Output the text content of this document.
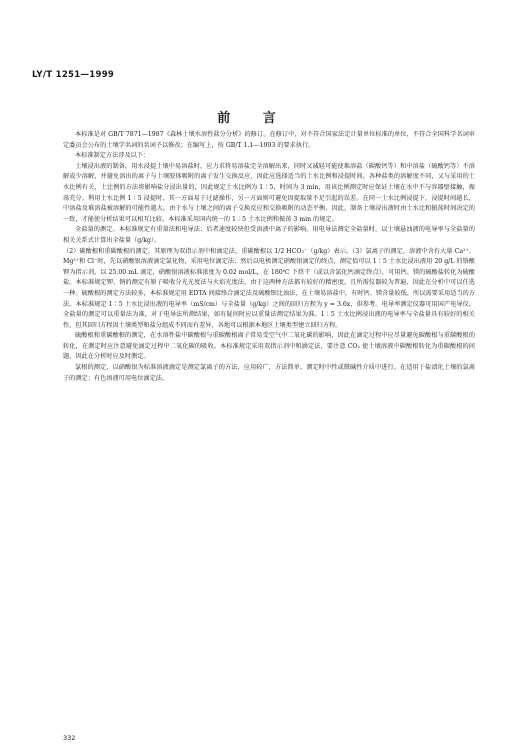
LY/T 1251—1999
前 言

本标准是对 GB/T 7871—1987《森林土壤水溶性盐分分析》的修订。在修订中，对不符合国家法定计量单位标准的单位，不符合全国科学名词审定委员会公布的土壤学名词的名词予以修改；在编写上，按 GB/T 1.1—1993 的要求执行。

本标准制定方法涉及以下：

土壤浸出液的制备。用水浸提土壤中易溶盐时，应力求将易溶盐完全溶解出来，同时又减轻可能使难溶盐（碳酸钙等）和中溶盐（硫酸钙等）不溶解或少溶解，并避免溶出的离子与土壤胶体吸附的离子发生交换反应，因此应选择适当的土水比例和浸提时间。各种盐类的溶解度不同，又与采用的土水比例有关，土比例的方法将影响盐分浸出量的，因此规定土水比例为 1∶5，时间为 3 min，用该比例测定时应保证土壤在水中不与容器壁接触，振荡充分。利用土水比例 1∶5 浸提时，其一方面易于过滤操作，另一方面则可避免因提取量不足引起的误差。在同一土水比例浸提下，浸提时间越长，中溶盐及难溶盐被溶解的可能性越大。由于水与土壤之间的离子交换反应和交换吸附的动态平衡，因此，制备土壤浸出液时由土水比和振荡时间决定的一致，才能使分析结果可以相互比较。本标准采用国内统一的 1∶5 土水比例和振荡 3 min 的规定。

全盐量的测定。本标准规定有重量法和电导法；后者速度较快但受溶液中离子的影响。用电导法测定全盐量时，以土壤悬浊液的电导率与全盐量的相关关系式计算出全盐量（g/kg）。

（2）碳酸根和重碳酸根的测定，其原理为双指示剂中和滴定法，重碳酸根以 1/2 HCO₃⁻（g/kg）表示。（3）氯离子的测定，溶液中含有大量 Ca²⁺、Mg²⁺和 Cl⁻时，先以硝酸银溶液滴定氯化物，采用电位滴定法；然后以电极测定硝酸银滴定的终点，测定值可以 1∶5 土水比浸出液用 20 g/L 的铬酸钾为指示剂，以 25.00 mL 滴定，硝酸银溶液标准浓度为 0.02 mol/L，在 180℃ 下烘干（或以含氯化钙滴定终点），可用钙、镁的硫酸盐转化为硫酸盐。本标准规定钾、钠的测定有原子吸收分光光度法与火焰光度法，由于这两种方法都有较好的精密度，且所需仪器较为普遍，因此在分析中可以任选一种。硫酸根的测定方法较多，本标准规定用 EDTA 间接络合滴定法及硫酸钡比浊法，在土壤易溶盐中，有时钙、镁含量较低，所以需要采用适当的方法。本标准规定 1∶5 土水比浸出液的电导率（mS/cm）与全盐量（g/kg）之间的回归方程为 y = 3.6x，供参考。电导率测定仪器可用国产电导仪。全盐量的测定可以重量法为准，对于电导法所测结果，如有疑问时应以重量法测定结果为准。1∶5 土水比例浸出液的电导率与全盐量具有较好的相关性，但其回归方程因土壤类型和盐分组成不同而有差异，各地可以根据本地区土壤类型建立回归方程。

硫酸根和重碳酸根的测定，在水溶性盐中碳酸根与重碳酸根离子常易受空气中二氧化碳的影响，因此在滴定过程中应尽量避免碳酸根与重碳酸根的转化，在测定时应注意避免滴定过程中二氧化碳的吸收。本标准规定采用双指示剂中和滴定法，要注意 CO₂ 使土壤溶液中碳酸根转化为重碳酸根的问题，因此在分析时应及时测定。

氯根的测定，以硝酸银为标准溶液滴定是测定氯离子的方法，应用较广，方法简单，测定时中性或微碱性介质中进行。在适用于盐渍化土壤的氯离子的测定；有色溶液可用电位滴定法。

332
